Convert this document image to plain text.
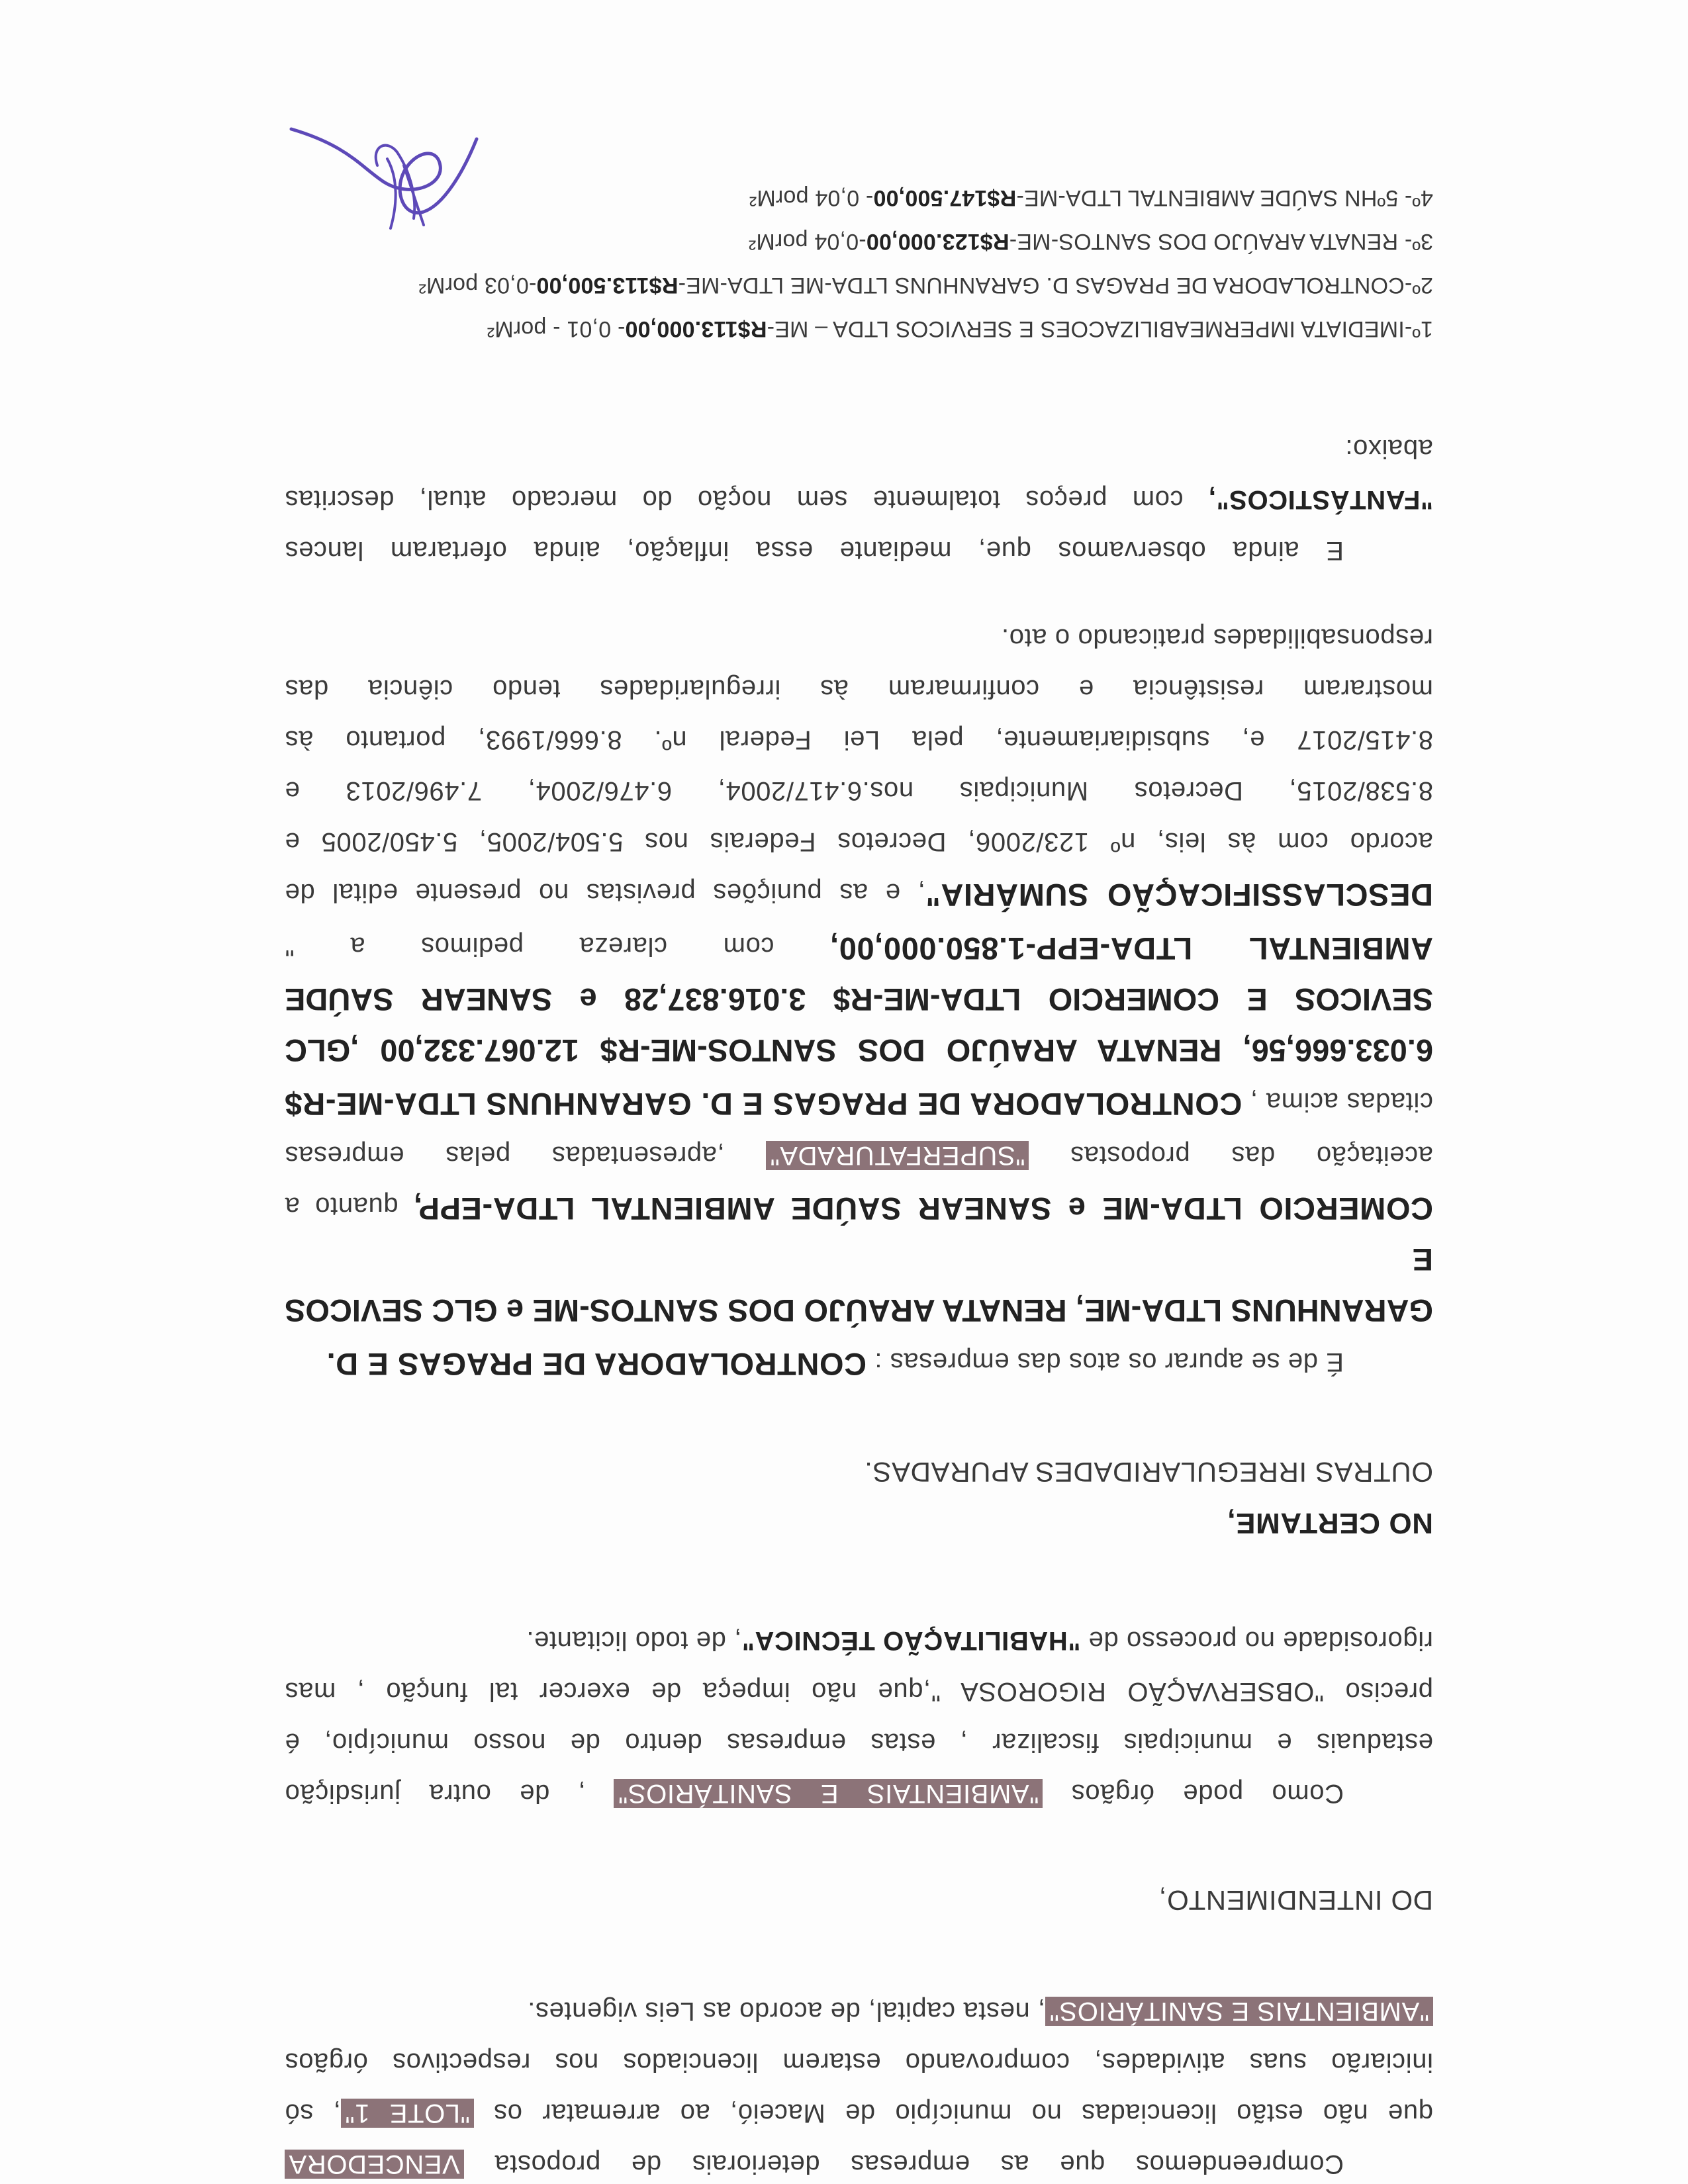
Compreendemos que as empresas deteriorais de proposta VENCEDORA
que não estão licenciadas no município de Maceió, ao arrematar os "LOTE 1", só
iniciarão suas atividades, comprovando estarem licenciados nos respectivos órgãos
"AMBIENTAIS E SANITÁRIOS", nesta capital, de acordo as Leis vigentes.

DO INTENDIMENTO,

Como pode órgãos "AMBIENTAIS E SANITÁRIOS" , de outra jurisdição
estaduais e municipais fiscalizar , estas empresas dentro de nosso município, é
preciso "OBSERVAÇÃO RIGOROSA ",que não impeça de exercer tal função , mas
rigorosidade no processo de "HABILITAÇÃO TÉCNICA", de todo licitante.

NO CERTAME,

OUTRAS IRREGULARIDADES APURADAS.

É de se apurar os atos das empresas : CONTROLADORA DE PRAGAS E D.
GARANHUNS LTDA-ME, RENATA ARAÚJO DOS SANTOS-ME e GLC SEVICOS E
COMERCIO LTDA-ME e SANEAR SAÚDE AMBIENTAL LTDA-EPP, quanto a
aceitação das propostas "SUPERFATURADA" ,apresentadas pelas empresas
citadas acima , CONTROLADORA DE PRAGAS E D. GARANHUNS LTDA-ME-R$
6.033.666,56, RENATA ARAÚJO DOS SANTOS-ME-R$ 12.067.332,00 ,GLC
SEVICOS E COMERCIO LTDA-ME-R$ 3.016.837,28 e SANEAR SAÚDE
AMBIENTAL LTDA-EPP-1.850.000,00, com clareza pedimos a "
DESCLASSIFICAÇÃO SUMÁRIA", e as punições previstas no presente edital de
acordo com às leis, nº 123/2006, Decretos Federais nos 5.504/2005, 5.450/2005 e
8.538/2015, Decretos Municipais nos.6.417/2004, 6.476/2004, 7.496/2013 e
8.415/2017 e, subsidiariamente, pela Lei Federal nº. 8.666/1993, portanto às
mostraram resistência e confirmaram às irregularidades tendo ciência das
responsabilidades praticando o ato.
E ainda observamos que, mediante essa inflação, ainda ofertaram lances
"FANTÁSTICOS", com preços totalmente sem noção do mercado atual, descritas
abaixo:
1º-IMEDIATA IMPERMEABILIZACOES E SERVICOS LTDA – ME-R$113.000,00- 0,01 - porM²
2º-CONTROLADORA DE PRAGAS D. GARANHUNS LTDA-ME LTDA-ME-R$113.500,00-0,03 porM²
3º- RENATA ARAÚJO DOS SANTOS-ME-R$123.000,00-0,04 porM²
4º- 5ºHN SAÚDE AMBIENTAL LTDA-ME-R$147.500,00- 0,04 porM²
